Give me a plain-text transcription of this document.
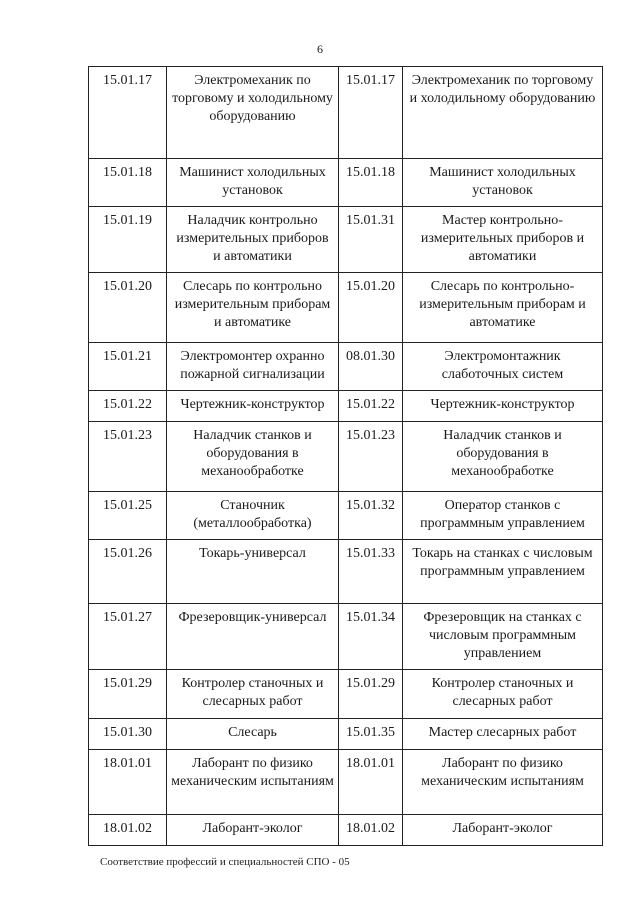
6
15.01.17	Электромеханик по торговому и холодильному оборудованию	15.01.17	Электромеханик по торговому и холодильному оборудованию
15.01.18	Машинист холодильных установок	15.01.18	Машинист холодильных установок
15.01.19	Наладчик контрольно измерительных приборов и автоматики	15.01.31	Мастер контрольно-измерительных приборов и автоматики
15.01.20	Слесарь по контрольно измерительным приборам и автоматике	15.01.20	Слесарь по контрольно-измерительным приборам и автоматике
15.01.21	Электромонтер охранно пожарной сигнализации	08.01.30	Электромонтажник слаботочных систем
15.01.22	Чертежник-конструктор	15.01.22	Чертежник-конструктор
15.01.23	Наладчик станков и оборудования в механообработке	15.01.23	Наладчик станков и оборудования в механообработке
15.01.25	Станочник (металлообработка)	15.01.32	Оператор станков с программным управлением
15.01.26	Токарь-универсал	15.01.33	Токарь на станках с числовым программным управлением
15.01.27	Фрезеровщик-универсал	15.01.34	Фрезеровщик на станках с числовым программным управлением
15.01.29	Контролер станочных и слесарных работ	15.01.29	Контролер станочных и слесарных работ
15.01.30	Слесарь	15.01.35	Мастер слесарных работ
18.01.01	Лаборант по физико механическим испытаниям	18.01.01	Лаборант по физико механическим испытаниям
18.01.02	Лаборант-эколог	18.01.02	Лаборант-эколог
Соответствие профессий и специальностей СПО - 05
